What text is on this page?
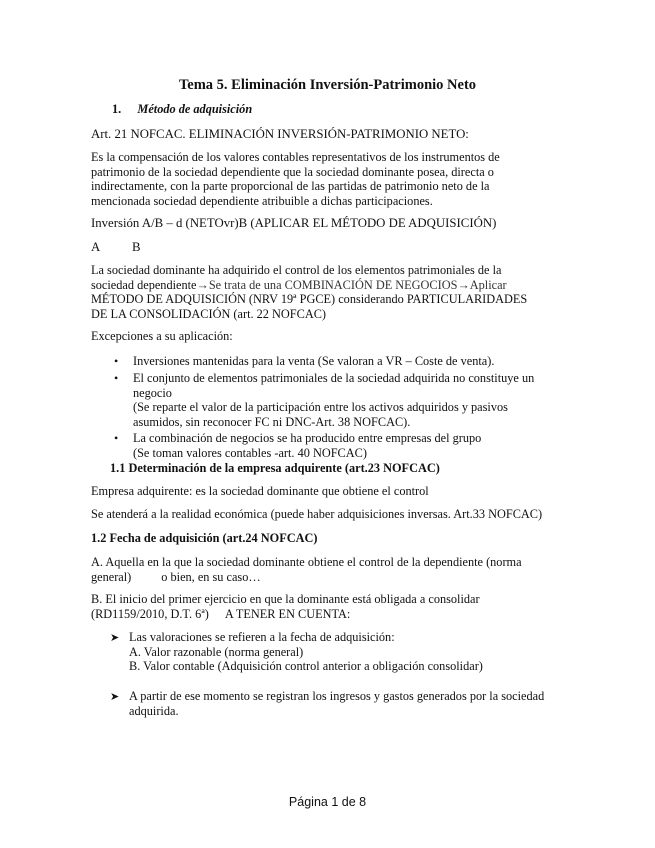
Tema 5. Eliminación Inversión-Patrimonio Neto
1. Método de adquisición
Art. 21 NOFCAC. ELIMINACIÓN INVERSIÓN-PATRIMONIO NETO:
Es la compensación de los valores contables representativos de los instrumentos de
patrimonio de la sociedad dependiente que la sociedad dominante posea, directa o
indirectamente, con la parte proporcional de las partidas de patrimonio neto de la
mencionada sociedad dependiente atribuible a dichas participaciones.
Inversión A/B – d (NETOvr)B (APLICAR EL MÉTODO DE ADQUISICIÓN)
A	B
La sociedad dominante ha adquirido el control de los elementos patrimoniales de la
sociedad dependiente→Se trata de una COMBINACIÓN DE NEGOCIOS→Aplicar
MÉTODO DE ADQUISICIÓN (NRV 19ª PGCE) considerando PARTICULARIDADES
DE LA CONSOLIDACIÓN (art. 22 NOFCAC)
Excepciones a su aplicación:
•	Inversiones mantenidas para la venta (Se valoran a VR – Coste de venta).
•	El conjunto de elementos patrimoniales de la sociedad adquirida no constituye un
negocio
(Se reparte el valor de la participación entre los activos adquiridos y pasivos
asumidos, sin reconocer FC ni DNC-Art. 38 NOFCAC).
•	La combinación de negocios se ha producido entre empresas del grupo
(Se toman valores contables -art. 40 NOFCAC)
1.1 Determinación de la empresa adquirente (art.23 NOFCAC)
Empresa adquirente: es la sociedad dominante que obtiene el control
Se atenderá a la realidad económica (puede haber adquisiciones inversas. Art.33 NOFCAC)
1.2 Fecha de adquisición (art.24 NOFCAC)
A. Aquella en la que la sociedad dominante obtiene el control de la dependiente (norma
general) o bien, en su caso…
B. El inicio del primer ejercicio en que la dominante está obligada a consolidar
(RD1159/2010, D.T. 6ª) A TENER EN CUENTA:
➤ Las valoraciones se refieren a la fecha de adquisición:
A. Valor razonable (norma general)
B. Valor contable (Adquisición control anterior a obligación consolidar)
➤ A partir de ese momento se registran los ingresos y gastos generados por la sociedad
adquirida.
Página 1 de 8
